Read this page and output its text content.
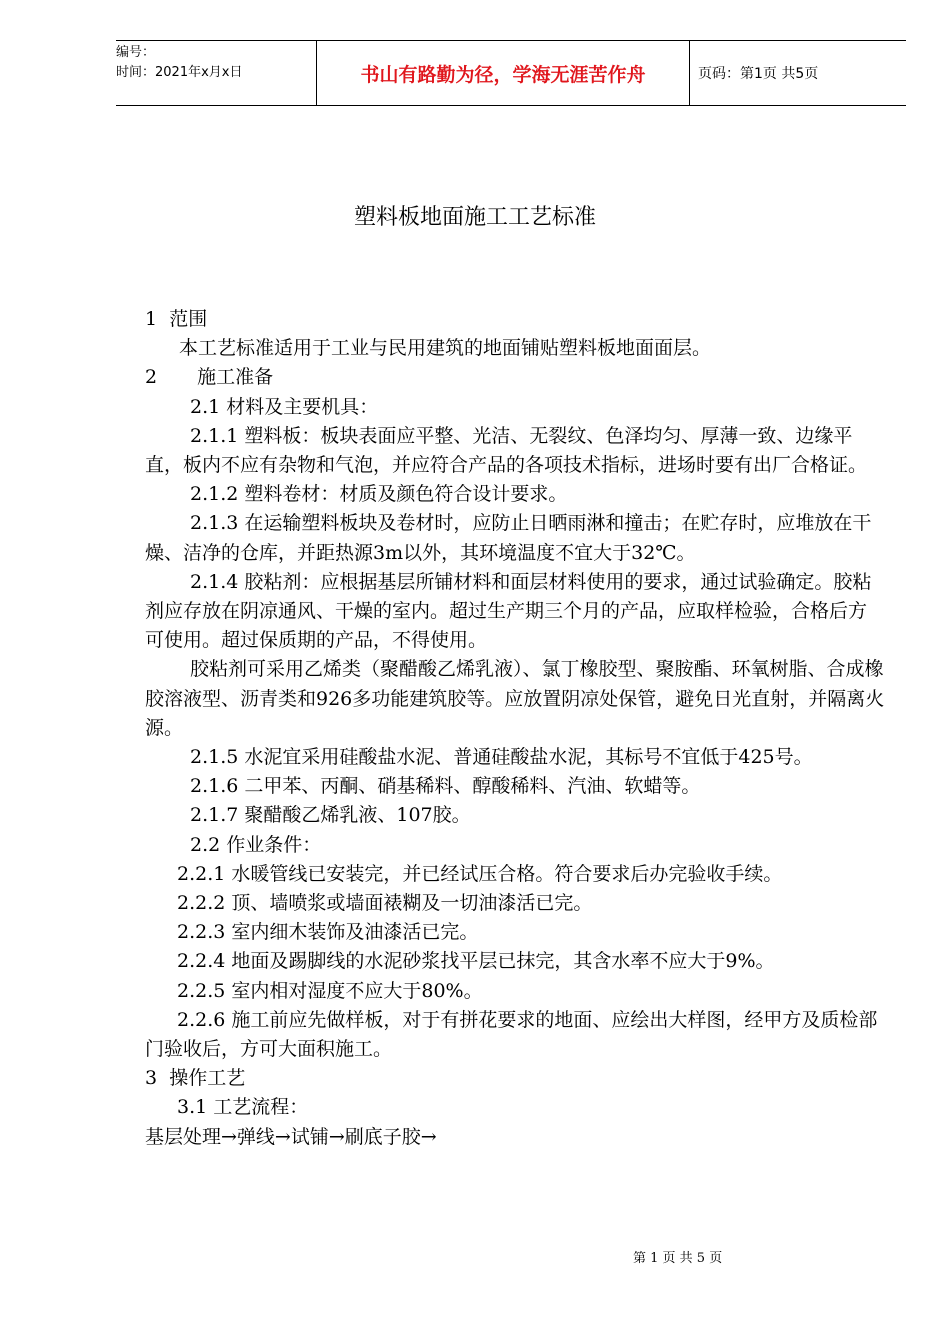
编号：
时间：2021年x月x日	书山有路勤为径，学海无涯苦作舟	页码：第1页 共5页
塑料板地面施工工艺标准

1 范围

本工艺标准适用于工业与民用建筑的地面铺贴塑料板地面面层。

2 施工准备

2.1 材料及主要机具：

2.1.1 塑料板：板块表面应平整、光洁、无裂纹、色泽均匀、厚薄一致、边缘平直，板内不应有杂物和气泡，并应符合产品的各项技术指标，进场时要有出厂合格证。

2.1.2 塑料卷材：材质及颜色符合设计要求。

2.1.3 在运输塑料板块及卷材时，应防止日晒雨淋和撞击；在贮存时，应堆放在干燥、洁净的仓库，并距热源3m以外，其环境温度不宜大于32℃。

2.1.4 胶粘剂：应根据基层所铺材料和面层材料使用的要求，通过试验确定。胶粘剂应存放在阴凉通风、干燥的室内。超过生产期三个月的产品，应取样检验，合格后方可使用。超过保质期的产品，不得使用。

胶粘剂可采用乙烯类（聚醋酸乙烯乳液）、氯丁橡胶型、聚胺酯、环氧树脂、合成橡胶溶液型、沥青类和926多功能建筑胶等。应放置阴凉处保管，避免日光直射，并隔离火源。

2.1.5 水泥宜采用硅酸盐水泥、普通硅酸盐水泥，其标号不宜低于425号。

2.1.6 二甲苯、丙酮、硝基稀料、醇酸稀料、汽油、软蜡等。

2.1.7 聚醋酸乙烯乳液、107胶。

2.2 作业条件：

2.2.1 水暖管线已安装完，并已经试压合格。符合要求后办完验收手续。

2.2.2 顶、墙喷浆或墙面裱糊及一切油漆活已完。

2.2.3 室内细木装饰及油漆活已完。

2.2.4 地面及踢脚线的水泥砂浆找平层已抹完，其含水率不应大于9%。

2.2.5 室内相对湿度不应大于80%。

2.2.6 施工前应先做样板，对于有拼花要求的地面、应绘出大样图，经甲方及质检部门验收后，方可大面积施工。

3 操作工艺

3.1 工艺流程：

基层处理→弹线→试铺→刷底子胶→

第 1 页 共 5 页
